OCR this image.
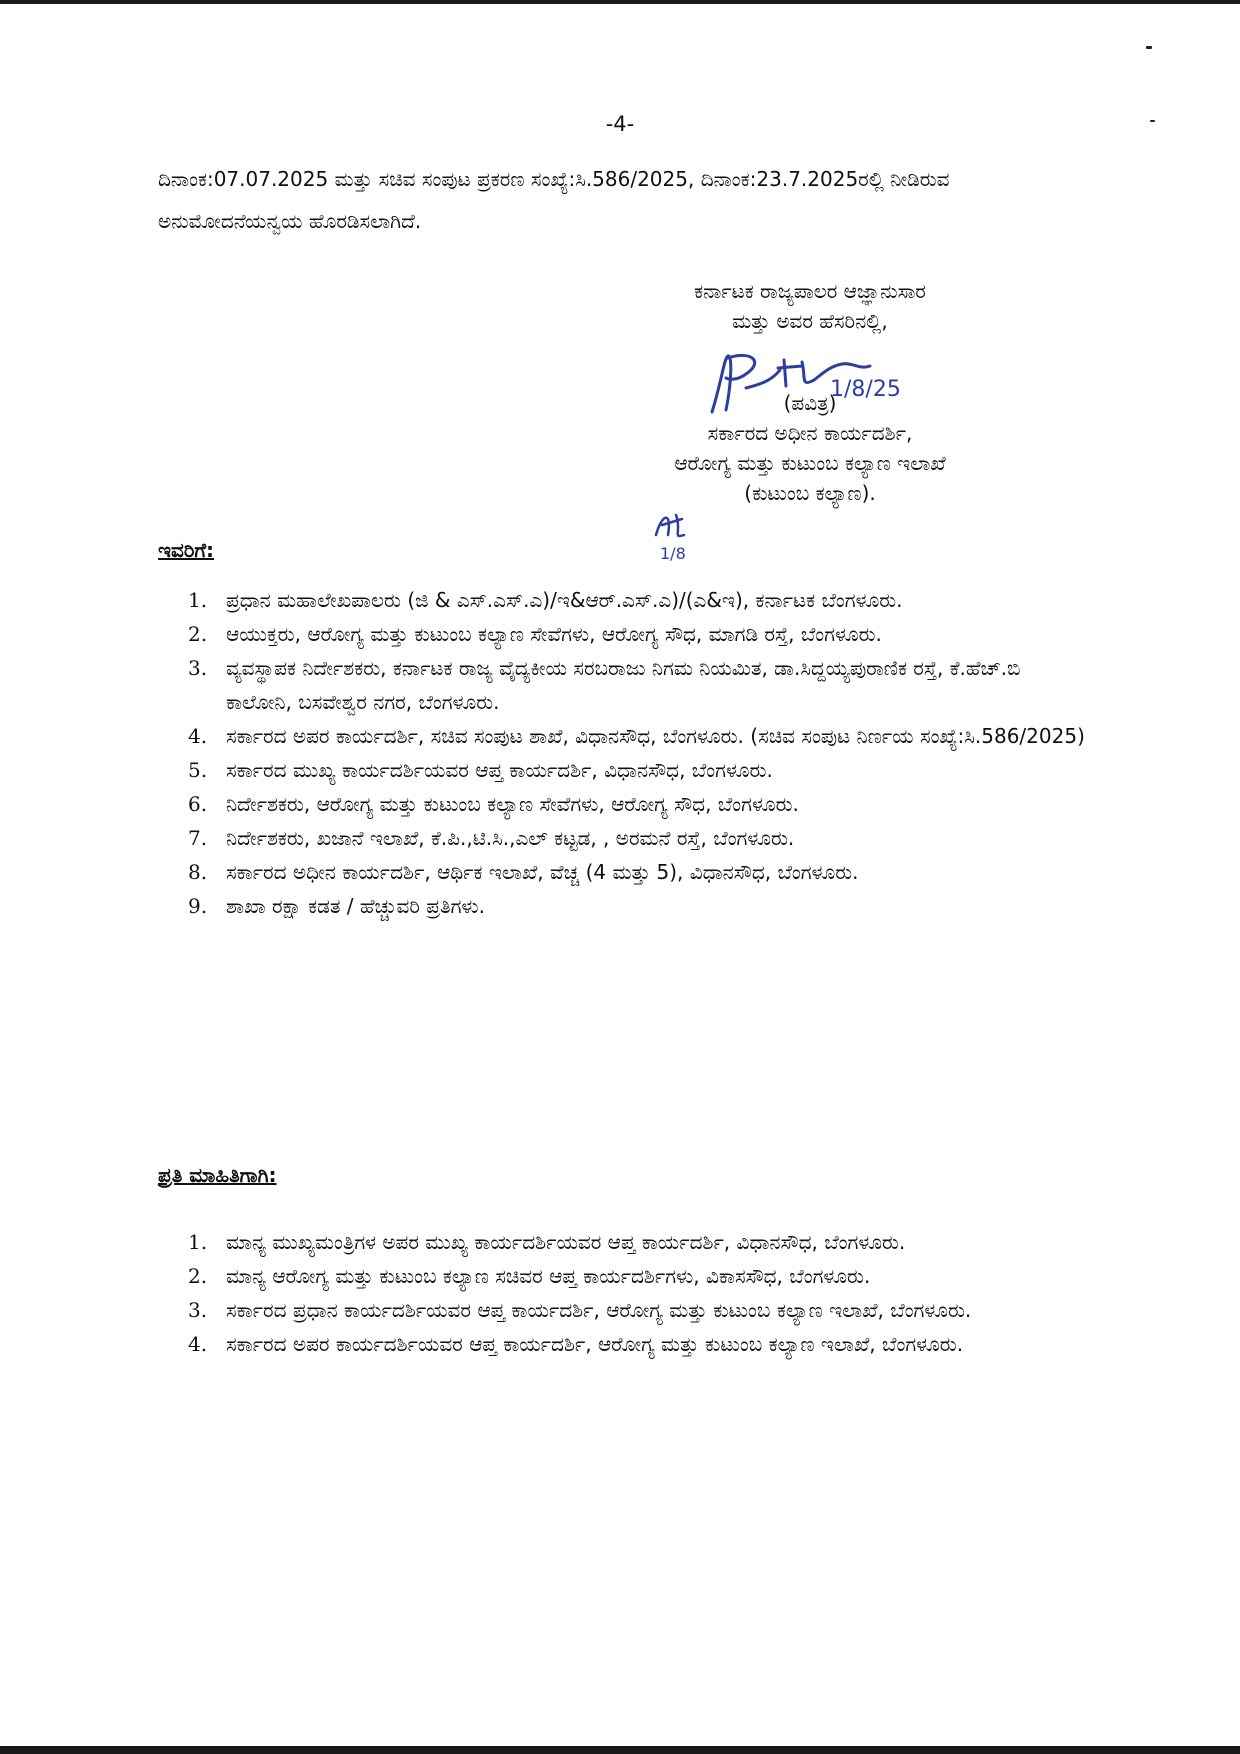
-4-

ದಿನಾಂಕ:07.07.2025 ಮತ್ತು ಸಚಿವ ಸಂಪುಟ ಪ್ರಕರಣ ಸಂಖ್ಯೆ:ಸಿ.586/2025, ದಿನಾಂಕ:23.7.2025ರಲ್ಲಿ ನೀಡಿರುವ ಅನುಮೋದನೆಯನ್ವಯ ಹೊರಡಿಸಲಾಗಿದೆ.

ಕರ್ನಾಟಕ ರಾಜ್ಯಪಾಲರ ಆಜ್ಞಾನುಸಾರ
ಮತ್ತು ಅವರ ಹೆಸರಿನಲ್ಲಿ,
(ಪವಿತ್ರ)
ಸರ್ಕಾರದ ಅಧೀನ ಕಾರ್ಯದರ್ಶಿ,
ಆರೋಗ್ಯ ಮತ್ತು ಕುಟುಂಬ ಕಲ್ಯಾಣ ಇಲಾಖೆ
(ಕುಟುಂಬ ಕಲ್ಯಾಣ).
1/8/25
1/8
ಇವರಿಗೆ:
1. ಪ್ರಧಾನ ಮಹಾಲೇಖಪಾಲರು (ಜಿ & ಎಸ್.ಎಸ್.ಎ)/ಇ&ಆರ್.ಎಸ್.ಎ)/(ಎ&ಇ), ಕರ್ನಾಟಕ ಬೆಂಗಳೂರು.
2. ಆಯುಕ್ತರು, ಆರೋಗ್ಯ ಮತ್ತು ಕುಟುಂಬ ಕಲ್ಯಾಣ ಸೇವೆಗಳು, ಆರೋಗ್ಯ ಸೌಧ, ಮಾಗಡಿ ರಸ್ತೆ, ಬೆಂಗಳೂರು.
3. ವ್ಯವಸ್ಥಾಪಕ ನಿರ್ದೇಶಕರು, ಕರ್ನಾಟಕ ರಾಜ್ಯ ವೈದ್ಯಕೀಯ ಸರಬರಾಜು ನಿಗಮ ನಿಯಮಿತ, ಡಾ.ಸಿದ್ದಯ್ಯಪುರಾಣಿಕ ರಸ್ತೆ, ಕೆ.ಹೆಚ್.ಬಿ ಕಾಲೋನಿ, ಬಸವೇಶ್ವರ ನಗರ, ಬೆಂಗಳೂರು.
4. ಸರ್ಕಾರದ ಅಪರ ಕಾರ್ಯದರ್ಶಿ, ಸಚಿವ ಸಂಪುಟ ಶಾಖೆ, ವಿಧಾನಸೌಧ, ಬೆಂಗಳೂರು. (ಸಚಿವ ಸಂಪುಟ ನಿರ್ಣಯ ಸಂಖ್ಯೆ:ಸಿ.586/2025)
5. ಸರ್ಕಾರದ ಮುಖ್ಯ ಕಾರ್ಯದರ್ಶಿಯವರ ಆಪ್ತ ಕಾರ್ಯದರ್ಶಿ, ವಿಧಾನಸೌಧ, ಬೆಂಗಳೂರು.
6. ನಿರ್ದೇಶಕರು, ಆರೋಗ್ಯ ಮತ್ತು ಕುಟುಂಬ ಕಲ್ಯಾಣ ಸೇವೆಗಳು, ಆರೋಗ್ಯ ಸೌಧ, ಬೆಂಗಳೂರು.
7. ನಿರ್ದೇಶಕರು, ಖಜಾನೆ ಇಲಾಖೆ, ಕೆ.ಪಿ.,ಟಿ.ಸಿ.,ಎಲ್ ಕಟ್ಟಡ, , ಅರಮನೆ ರಸ್ತೆ, ಬೆಂಗಳೂರು.
8. ಸರ್ಕಾರದ ಅಧೀನ ಕಾರ್ಯದರ್ಶಿ, ಆರ್ಥಿಕ ಇಲಾಖೆ, ವೆಚ್ಚ (4 ಮತ್ತು 5), ವಿಧಾನಸೌಧ, ಬೆಂಗಳೂರು.
9. ಶಾಖಾ ರಕ್ಷಾ ಕಡತ / ಹೆಚ್ಚುವರಿ ಪ್ರತಿಗಳು.
ಪ್ರತಿ ಮಾಹಿತಿಗಾಗಿ:
1. ಮಾನ್ಯ ಮುಖ್ಯಮಂತ್ರಿಗಳ ಅಪರ ಮುಖ್ಯ ಕಾರ್ಯದರ್ಶಿಯವರ ಆಪ್ತ ಕಾರ್ಯದರ್ಶಿ, ವಿಧಾನಸೌಧ, ಬೆಂಗಳೂರು.
2. ಮಾನ್ಯ ಆರೋಗ್ಯ ಮತ್ತು ಕುಟುಂಬ ಕಲ್ಯಾಣ ಸಚಿವರ ಆಪ್ತ ಕಾರ್ಯದರ್ಶಿಗಳು, ವಿಕಾಸಸೌಧ, ಬೆಂಗಳೂರು.
3. ಸರ್ಕಾರದ ಪ್ರಧಾನ ಕಾರ್ಯದರ್ಶಿಯವರ ಆಪ್ತ ಕಾರ್ಯದರ್ಶಿ, ಆರೋಗ್ಯ ಮತ್ತು ಕುಟುಂಬ ಕಲ್ಯಾಣ ಇಲಾಖೆ, ಬೆಂಗಳೂರು.
4. ಸರ್ಕಾರದ ಅಪರ ಕಾರ್ಯದರ್ಶಿಯವರ ಆಪ್ತ ಕಾರ್ಯದರ್ಶಿ, ಆರೋಗ್ಯ ಮತ್ತು ಕುಟುಂಬ ಕಲ್ಯಾಣ ಇಲಾಖೆ, ಬೆಂಗಳೂರು.
